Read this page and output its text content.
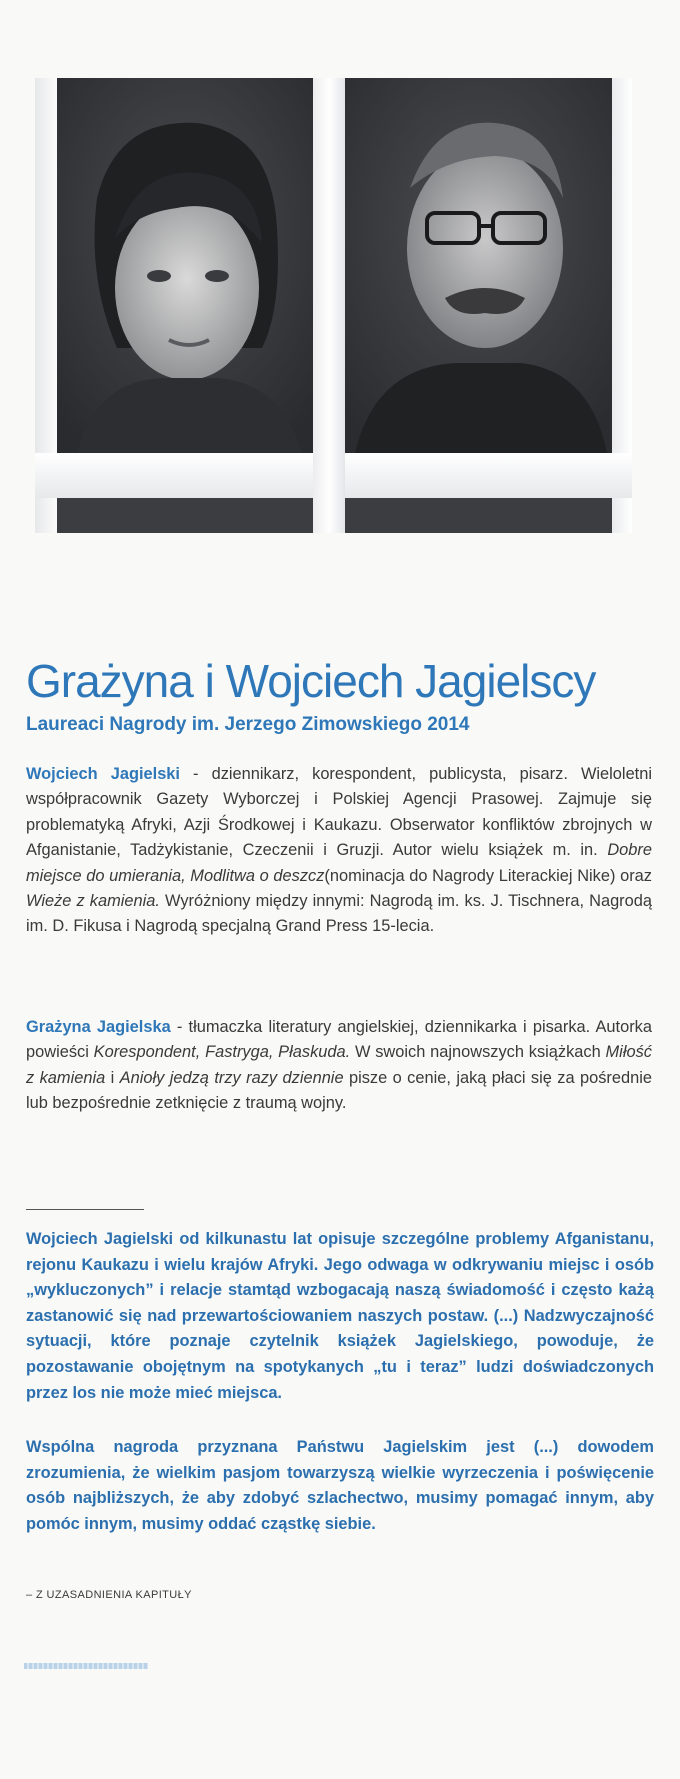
Grażyna i Wojciech Jagielscy
Laureaci Nagrody im. Jerzego Zimowskiego 2014

Wojciech Jagielski - dziennikarz, korespondent, publicysta, pisarz. Wieloletni współpracownik Gazety Wyborczej i Polskiej Agencji Prasowej. Zajmuje się problematyką Afryki, Azji Środkowej i Kaukazu. Obserwator konfliktów zbrojnych w Afganistanie, Tadżykistanie, Czeczenii i Gruzji. Autor wielu książek m. in. Dobre miejsce do umierania, Modlitwa o deszcz(nominacja do Nagrody Literackiej Nike) oraz Wieże z kamienia. Wyróżniony między innymi: Nagrodą im. ks. J. Tischnera, Nagrodą im. D. Fikusa i Nagrodą specjalną Grand Press 15-lecia.

Grażyna Jagielska - tłumaczka literatury angielskiej, dziennikarka i pisarka. Autorka powieści Korespondent, Fastryga, Płaskuda. W swoich najnowszych książkach Miłość z kamienia i Anioły jedzą trzy razy dziennie pisze o cenie, jaką płaci się za pośrednie lub bezpośrednie zetknięcie z traumą wojny.

Wojciech Jagielski od kilkunastu lat opisuje szczególne problemy Afganistanu, rejonu Kaukazu i wielu krajów Afryki. Jego odwaga w odkrywaniu miejsc i osób „wykluczonych” i relacje stamtąd wzbogacają naszą świadomość i często każą zastanowić się nad przewartościowaniem naszych postaw. (...) Nadzwyczajność sytuacji, które poznaje czytelnik książek Jagielskiego, powoduje, że pozostawanie obojętnym na spotykanych „tu i teraz” ludzi doświadczonych przez los nie może mieć miejsca.

Wspólna nagroda przyznana Państwu Jagielskim jest (...) dowodem zrozumienia, że wielkim pasjom towarzyszą wielkie wyrzeczenia i poświęcenie osób najbliższych, że aby zdobyć szlachectwo, musimy pomagać innym, aby pomóc innym, musimy oddać cząstkę siebie.

– Z UZASADNIENIA KAPITUŁY
